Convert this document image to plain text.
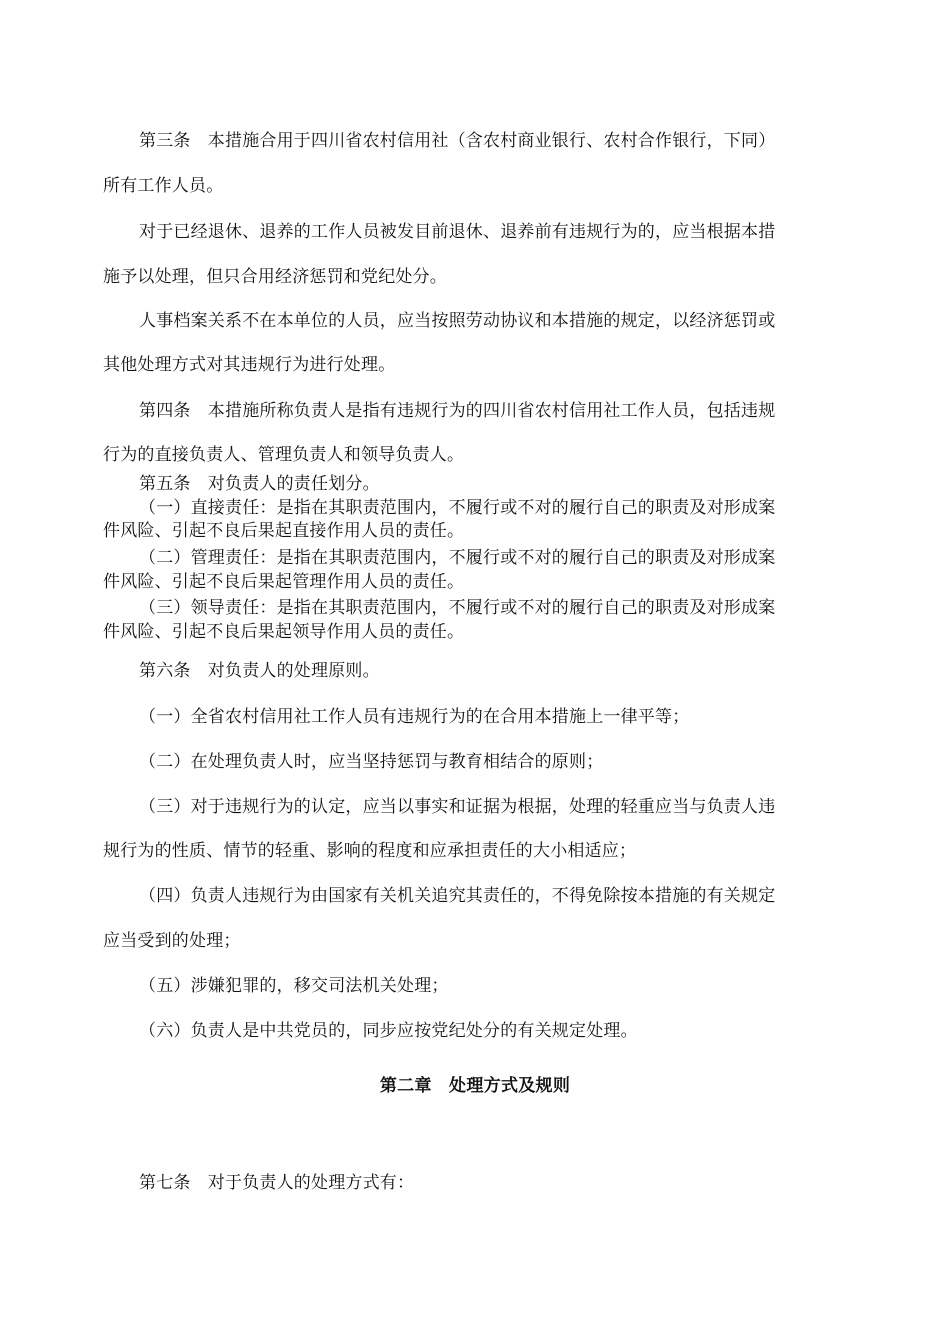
第三条　本措施合用于四川省农村信用社（含农村商业银行、农村合作银行，下同）
所有工作人员。
对于已经退休、退养的工作人员被发目前退休、退养前有违规行为的，应当根据本措
施予以处理，但只合用经济惩罚和党纪处分。
人事档案关系不在本单位的人员，应当按照劳动协议和本措施的规定，以经济惩罚或
其他处理方式对其违规行为进行处理。
第四条　本措施所称负责人是指有违规行为的四川省农村信用社工作人员，包括违规
行为的直接负责人、管理负责人和领导负责人。
第五条　对负责人的责任划分。
（一）直接责任：是指在其职责范围内，不履行或不对的履行自己的职责及对形成案
件风险、引起不良后果起直接作用人员的责任。
（二）管理责任：是指在其职责范围内，不履行或不对的履行自己的职责及对形成案
件风险、引起不良后果起管理作用人员的责任。
（三）领导责任：是指在其职责范围内，不履行或不对的履行自己的职责及对形成案
件风险、引起不良后果起领导作用人员的责任。
第六条　对负责人的处理原则。
（一）全省农村信用社工作人员有违规行为的在合用本措施上一律平等；
（二）在处理负责人时，应当坚持惩罚与教育相结合的原则；
（三）对于违规行为的认定，应当以事实和证据为根据，处理的轻重应当与负责人违
规行为的性质、情节的轻重、影响的程度和应承担责任的大小相适应；
（四）负责人违规行为由国家有关机关追究其责任的，不得免除按本措施的有关规定
应当受到的处理；
（五）涉嫌犯罪的，移交司法机关处理；
（六）负责人是中共党员的，同步应按党纪处分的有关规定处理。
第二章　处理方式及规则
第七条　对于负责人的处理方式有：
